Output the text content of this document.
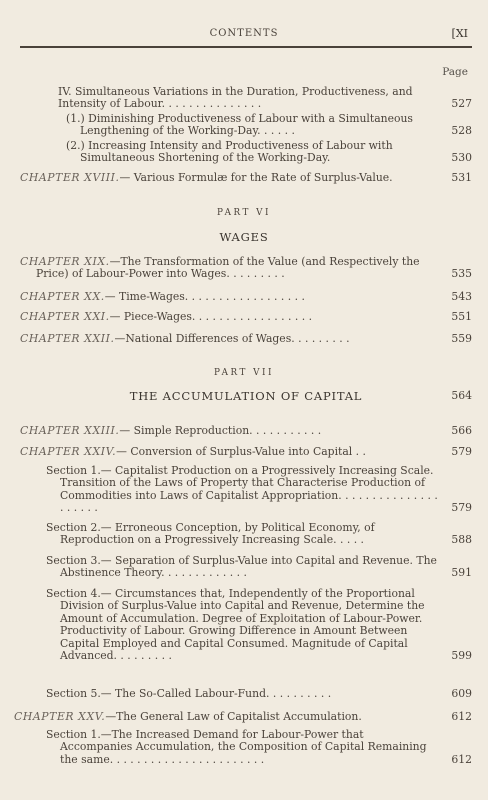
CONTENTS	[XI
Page
IV. Simultaneous Variations in the Duration, Productiveness, and Intensity of Labour. . . . . . . . . . . . . . .	527
(1.) Diminishing Productiveness of Labour with a Simultaneous Lengthening of the Working-Day. . . . . .	528
(2.) Increasing Intensity and Productiveness of Labour with Simultaneous Shortening of the Working-Day.	530
CHAPTER XVIII.— Various Formulæ for the Rate of Surplus-Value.	531
PART VI
WAGES
CHAPTER XIX.—The Transformation of the Value (and Respectively the Price) of Labour-Power into Wages. . . . . . . . .	535
CHAPTER XX.— Time-Wages. . . . . . . . . . . . . . . . . .	543
CHAPTER XXI.— Piece-Wages. . . . . . . . . . . . . . . . . .	551
CHAPTER XXII.—National Differences of Wages. . . . . . . . .	559
PART VII
THE ACCUMULATION OF CAPITAL	564
CHAPTER XXIII.— Simple Reproduction. . . . . . . . . . .	566
CHAPTER XXIV.— Conversion of Surplus-Value into Capital . .	579
Section 1.— Capitalist Production on a Progressively Increasing Scale. Transition of the Laws of Property that Characterise Production of Commodities into Laws of Capitalist Appropriation. . . . . . . . . . . . . . . . . . . . .	579
Section 2.— Erroneous Conception, by Political Economy, of Reproduction on a Progressively Increasing Scale. . . . .	588
Section 3.— Separation of Surplus-Value into Capital and Revenue. The Abstinence Theory. . . . . . . . . . . . .	591
Section 4.— Circumstances that, Independently of the Proportional Division of Surplus-Value into Capital and Revenue, Determine the Amount of Accumulation. Degree of Exploitation of Labour-Power. Productivity of Labour. Growing Difference in Amount Between Capital Employed and Capital Consumed. Magnitude of Capital Advanced. . . . . . . . .	599
Section 5.— The So-Called Labour-Fund. . . . . . . . . .	609
CHAPTER XXV.—The General Law of Capitalist Accumulation.	612
Section 1.—The Increased Demand for Labour-Power that Accompanies Accumulation, the Composition of Capital Remaining the same. . . . . . . . . . . . . . . . . . . . . . .	612
